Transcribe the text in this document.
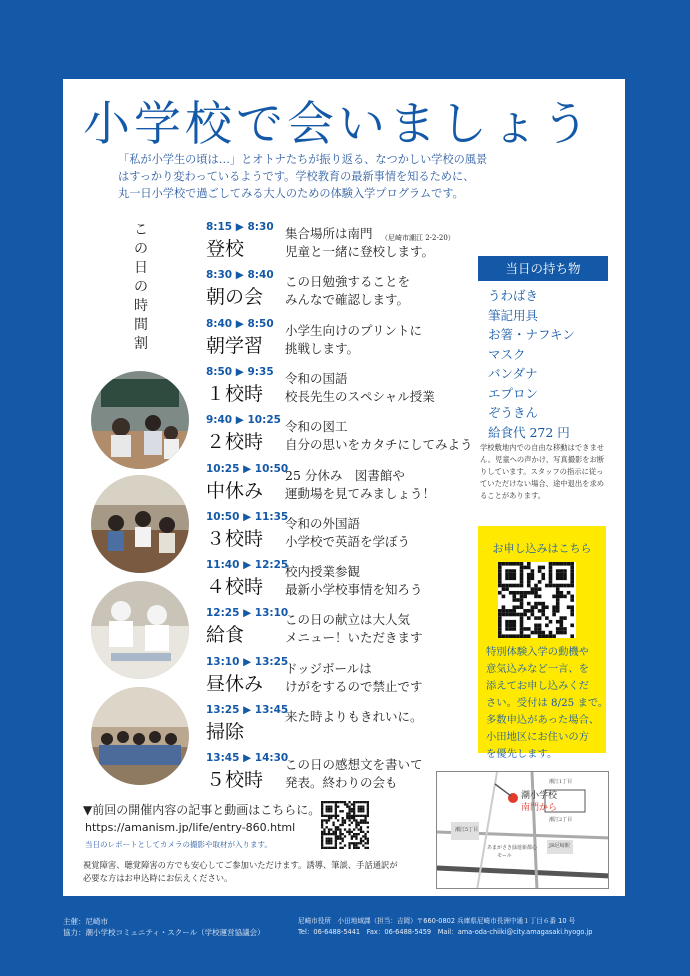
小学校で会いましょう
「私が小学生の頃は…」とオトナたちが振り返る、なつかしい学校の風景
はすっかり変わっているようです。学校教育の最新事情を知るために、
丸一日小学校で過ごしてみる大人のための体験入学プログラムです。
こ
の
日
の
時
間
割
8:15 ▶ 8:30
登校
集合場所は南門	（尼崎市潮江 2-2-20）
児童と一緒に登校します。
8:30 ▶ 8:40
朝の会
この日勉強することを
みんなで確認します。
8:40 ▶ 8:50
朝学習
小学生向けのプリントに
挑戦します。
8:50 ▶ 9:35
１校時
令和の国語
校長先生のスペシャル授業
9:40 ▶ 10:25
２校時
令和の図工
自分の思いをカタチにしてみよう
10:25 ▶ 10:50
中休み
25 分休み　図書館や
運動場を見てみましょう！
10:50 ▶ 11:35
３校時
令和の外国語
小学校で英語を学ぼう
11:40 ▶ 12:25
４校時
校内授業参観
最新小学校事情を知ろう
12:25 ▶ 13:10
給食
この日の献立は大人気
メニュー！いただきます
13:10 ▶ 13:25
昼休み
ドッジボールは
けがをするので禁止です
13:25 ▶ 13:45
掃除
来た時よりもきれいに。
13:45 ▶ 14:30
５校時
この日の感想文を書いて
発表。終わりの会も
当日の持ち物
うわばき
筆記用具
お箸・ナフキン
マスク
バンダナ
エプロン
ぞうきん
給食代 272 円
学校敷地内での自由な移動はできません。児童への声かけ、写真撮影をお断りしています。スタッフの指示に従っていただけない場合、途中退出を求めることがあります。
お申し込みはこちら
特別体験入学の動機や
意気込みなど一言、を
添えてお申し込みくだ
さい。受付は 8/25 まで。
多数申込があった場合、
小田地区にお住いの方
を優先します。
▼前回の開催内容の記事と動画はこちらに。
https://amanism.jp/life/entry-860.html
当日のレポートとしてカメラの撮影や取材が入ります。
視覚障害、聴覚障害の方でも安心してご参加いただけます。誘導、筆談、手話通訳が
必要な方はお申込時にお伝えください。
潮小学校
南門から
潮江1丁目
潮江2丁目
あまがさき緑遊新都心
モール
潮江5丁目
JR尼崎駅
JR神戸線
主催：尼崎市
協力：潮小学校コミュニティ・スクール（学校運営協議会）
尼崎市役所　小田地域課（担当：吉岡）〒660-0802 兵庫県尼崎市長洲中通１丁目６番 10 号
Tel：06-6488-5441　Fax：06-6488-5459　Mail：ama-oda-chiiki@city.amagasaki.hyogo.jp
